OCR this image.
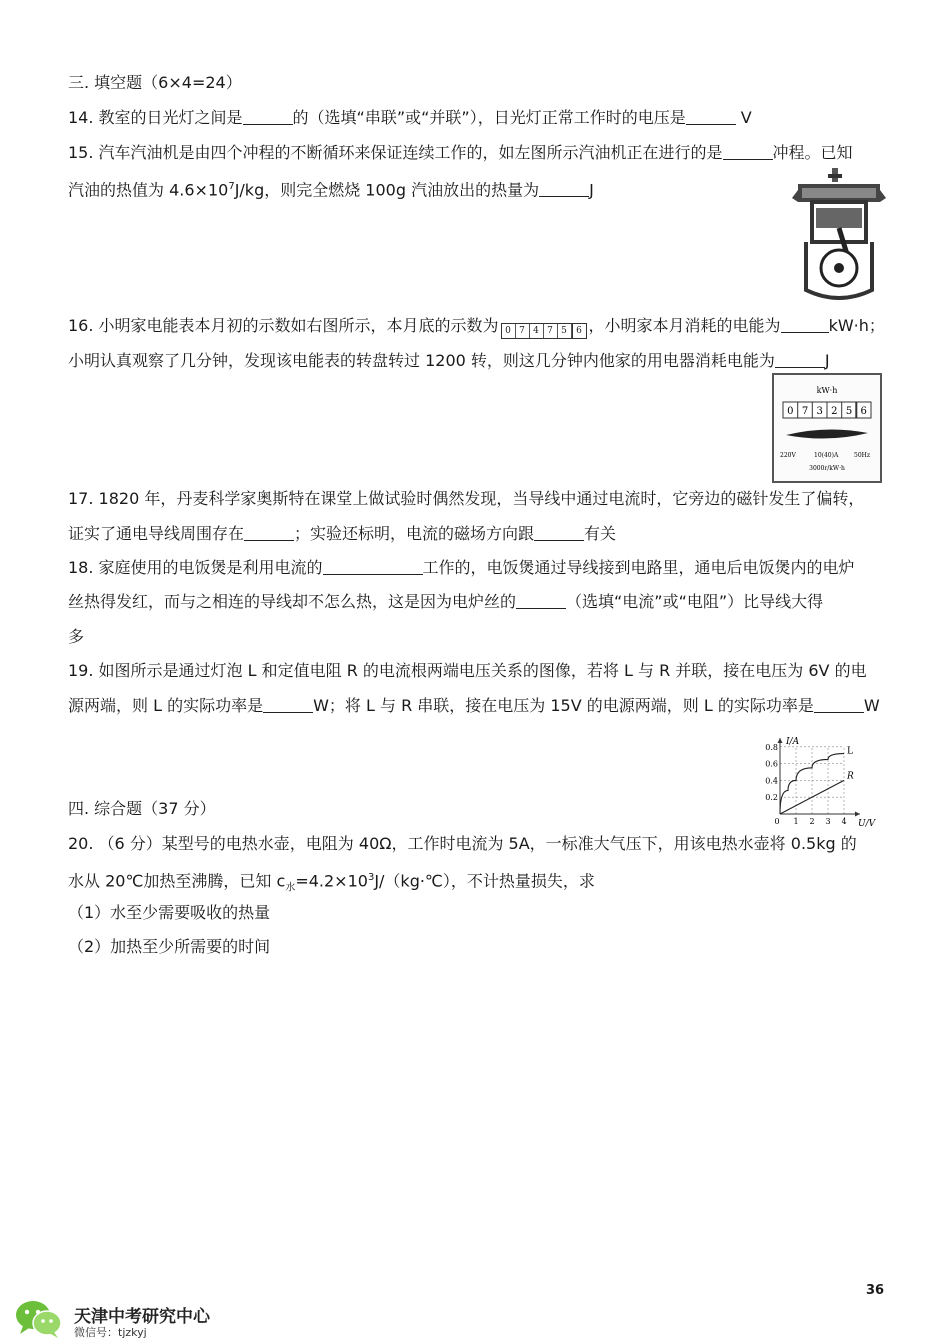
三. 填空题（6×4=24）
14. 教室的日光灯之间是	的（选填“串联”或“并联”），日光灯正常工作时的电压是	V
15. 汽车汽油机是由四个冲程的不断循环来保证连续工作的，如左图所示汽油机正在进行的是	冲程。已知
汽油的热值为 $4.6\times 10^7J/kg$，则完全燃烧 100g 汽油放出的热量为	J
16. 小明家电能表本月初的示数如右图所示，本月底的示数为 0 7 4 7 5	6 ，小明家本月消耗的电能为	kW·h；
小明认真观察了几分钟，发现该电能表的转盘转过 1200 转，则这几分钟内他家的用电器消耗电能为	J
kW·h
0 7 3 2 5 6
220V	10(40)A	50Hz
3000r/kW·h
17. 1820 年，丹麦科学家奥斯特在课堂上做试验时偶然发现，当导线中通过电流时，它旁边的磁针发生了偏转，
证实了通电导线周围存在	；实验还标明，电流的磁场方向跟	有关
18. 家庭使用的电饭煲是利用电流的	工作的，电饭煲通过导线接到电路里，通电后电饭煲内的电炉
丝热得发红，而与之相连的导线却不怎么热，这是因为电炉丝的	（选填“电流”或“电阻”）比导线大得
多
19. 如图所示是通过灯泡 L 和定值电阻 R 的电流根两端电压关系的图像，若将 L 与 R 并联，接在电压为 6V 的电
源两端，则 L 的实际功率是	W；将 L 与 R 串联，接在电压为 15V 的电源两端，则 L 的实际功率是	W
I/A
U/V
0.2
0.4
0.6
0.8
0 1 2 3 4
L
R
四. 综合题（37 分）
20. （6 分）某型号的电热水壶，电阻为 40Ω，工作时电流为 5A，一标准大气压下，用该电热水壶将 0.5kg 的
水从 20℃加热至沸腾，已知 $c_水=4.2\times 10^3J/(kg\cdot℃)$，不计热量损失，求
（1）水至少需要吸收的热量
（2）加热至少所需要的时间
36
天津中考研究中心
微信号：tjzkyj
